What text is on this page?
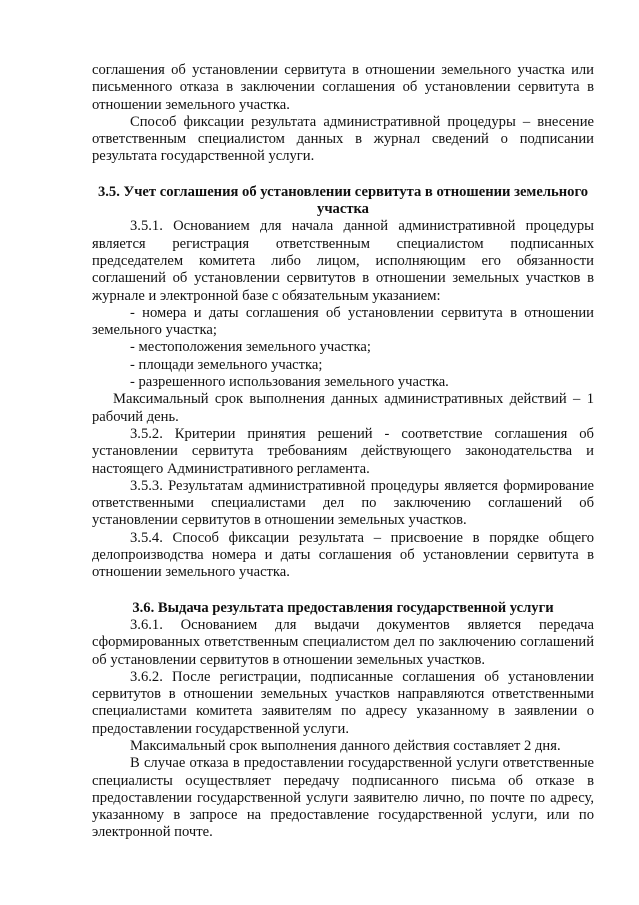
соглашения об установлении сервитута в отношении земельного участка или письменного отказа в заключении соглашения об установлении сервитута в отношении земельного участка.

Способ фиксации результата административной процедуры – внесение ответственным специалистом данных в журнал сведений о подписании результата государственной услуги.

3.5. Учет соглашения об установлении сервитута в отношении земельного участка

3.5.1. Основанием для начала данной административной процедуры является регистрация ответственным специалистом подписанных председателем комитета либо лицом, исполняющим его обязанности соглашений об установлении сервитутов в отношении земельных участков в журнале и электронной базе с обязательным указанием:

- номера и даты соглашения об установлении сервитута в отношении земельного участка;

- местоположения земельного участка;

- площади земельного участка;

- разрешенного использования земельного участка.

Максимальный срок выполнения данных административных действий – 1 рабочий день.

3.5.2. Критерии принятия решений - соответствие соглашения об установлении сервитута требованиям действующего законодательства и настоящего Административного регламента.

3.5.3. Результатам административной процедуры является формирование ответственными специалистами дел по заключению соглашений об установлении сервитутов в отношении земельных участков.

3.5.4. Способ фиксации результата – присвоение в порядке общего делопроизводства номера и даты соглашения об установлении сервитута в отношении земельного участка.

3.6. Выдача результата предоставления государственной услуги

3.6.1. Основанием для выдачи документов является передача сформированных ответственным специалистом дел по заключению соглашений об установлении сервитутов в отношении земельных участков.

3.6.2. После регистрации, подписанные соглашения об установлении сервитутов в отношении земельных участков направляются ответственными специалистами комитета заявителям по адресу указанному в заявлении о предоставлении государственной услуги.

Максимальный срок выполнения данного действия составляет 2 дня.

В случае отказа в предоставлении государственной услуги ответственные специалисты осуществляет передачу подписанного письма об отказе в предоставлении государственной услуги заявителю лично, по почте по адресу, указанному в запросе на предоставление государственной услуги, или по электронной почте.
